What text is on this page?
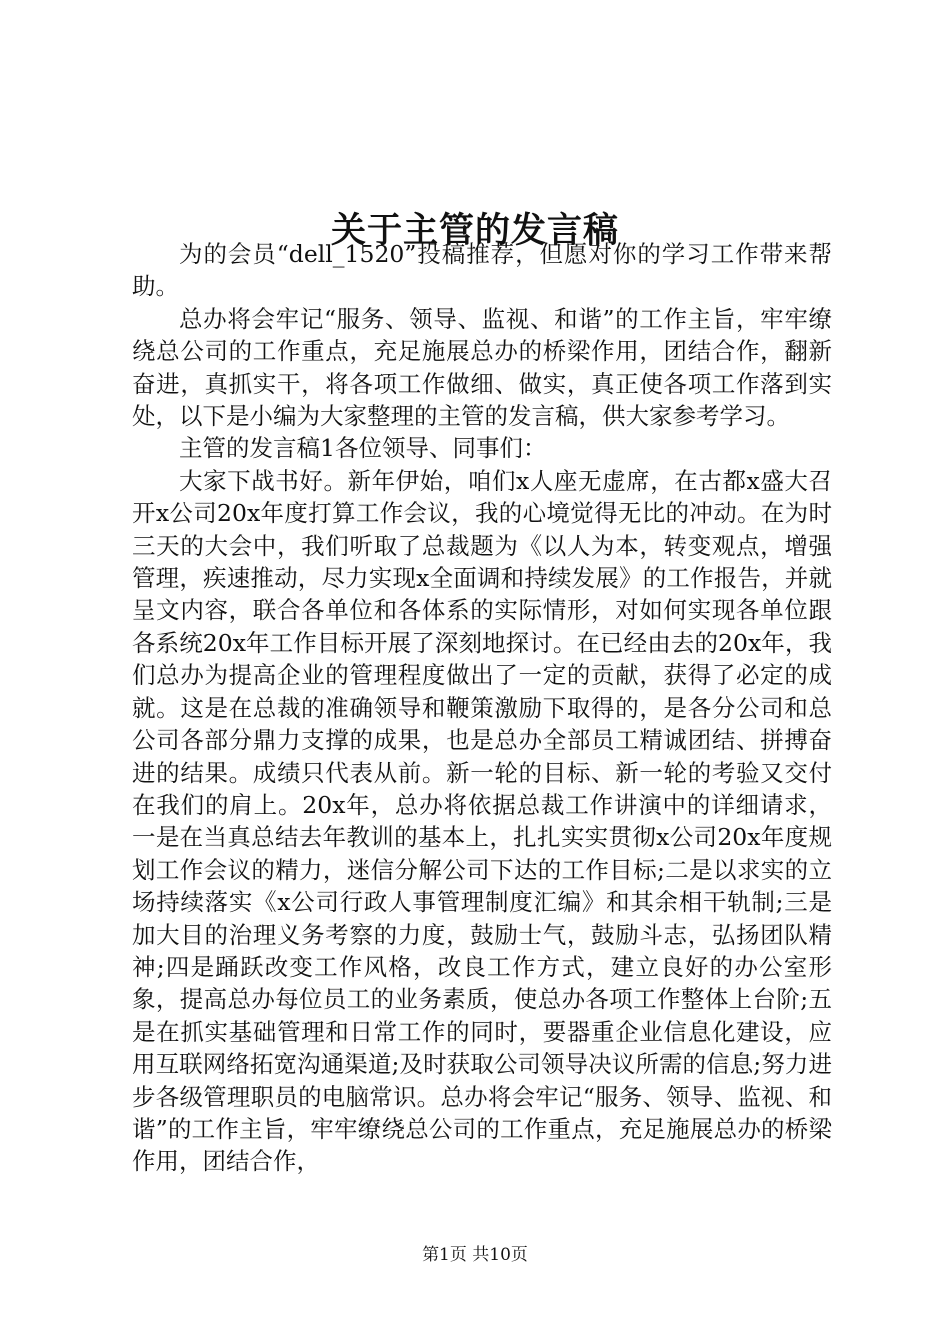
关于主管的发言稿

为的会员“dell_1520”投稿推荐，但愿对你的学习工作带来帮助。

总办将会牢记“服务、领导、监视、和谐”的工作主旨，牢牢缭绕总公司的工作重点，充足施展总办的桥梁作用，团结合作，翻新奋进，真抓实干，将各项工作做细、做实，真正使各项工作落到实处，以下是小编为大家整理的主管的发言稿，供大家参考学习。

主管的发言稿1各位领导、同事们：

大家下战书好。新年伊始，咱们x人座无虚席，在古都x盛大召开x公司20x年度打算工作会议，我的心境觉得无比的冲动。在为时三天的大会中，我们听取了总裁题为《以人为本，转变观点，增强管理，疾速推动，尽力实现x全面调和持续发展》的工作报告，并就呈文内容，联合各单位和各体系的实际情形，对如何实现各单位跟各系统20x年工作目标开展了深刻地探讨。在已经由去的20x年，我们总办为提高企业的管理程度做出了一定的贡献，获得了必定的成就。这是在总裁的准确领导和鞭策激励下取得的，是各分公司和总公司各部分鼎力支撑的成果，也是总办全部员工精诚团结、拼搏奋进的结果。成绩只代表从前。新一轮的目标、新一轮的考验又交付在我们的肩上。20x年，总办将依据总裁工作讲演中的详细请求，一是在当真总结去年教训的基本上，扎扎实实贯彻x公司20x年度规划工作会议的精力，迷信分解公司下达的工作目标;二是以求实的立场持续落实《x公司行政人事管理制度汇编》和其余相干轨制;三是加大目的治理义务考察的力度，鼓励士气，鼓励斗志，弘扬团队精神;四是踊跃改变工作风格，改良工作方式，建立良好的办公室形象，提高总办每位员工的业务素质，使总办各项工作整体上台阶;五是在抓实基础管理和日常工作的同时，要器重企业信息化建设，应用互联网络拓宽沟通渠道;及时获取公司领导决议所需的信息;努力进步各级管理职员的电脑常识。总办将会牢记“服务、领导、监视、和谐”的工作主旨，牢牢缭绕总公司的工作重点，充足施展总办的桥梁作用，团结合作，

第1页 共10页
